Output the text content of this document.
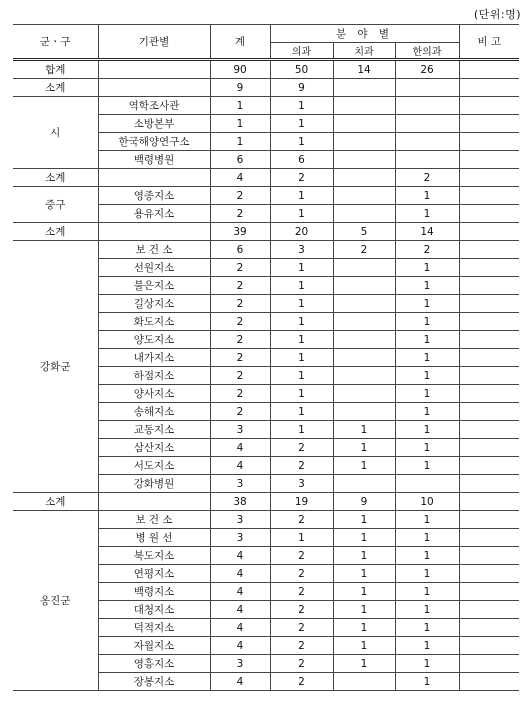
(단위:명)
군ㆍ구	기관별	계	분 야 별			비 고
			의과	치과	한의과	
합계		90	50	14	26	
소계		9	9			
시	역학조사관	1	1			
	소방본부	1	1			
	한국해양연구소	1	1			
	백령병원	6	6			
소계		4	2		2	
중구	영종지소	2	1		1	
	용유지소	2	1		1	
소계		39	20	5	14	
강화군	보 건 소	6	3	2	2	
	선원지소	2	1		1	
	불은지소	2	1		1	
	길상지소	2	1		1	
	화도지소	2	1		1	
	양도지소	2	1		1	
	내가지소	2	1		1	
	하점지소	2	1		1	
	양사지소	2	1		1	
	송해지소	2	1		1	
	교동지소	3	1	1	1	
	삼산지소	4	2	1	1	
	서도지소	4	2	1	1	
	강화병원	3	3			
소계		38	19	9	10	
옹진군	보 건 소	3	2	1	1	
	병 원 선	3	1	1	1	
	북도지소	4	2	1	1	
	연평지소	4	2	1	1	
	백령지소	4	2	1	1	
	대청지소	4	2	1	1	
	덕적지소	4	2	1	1	
	자월지소	4	2	1	1	
	영흥지소	3	2	1	1	
	장봉지소	4	2		1	
